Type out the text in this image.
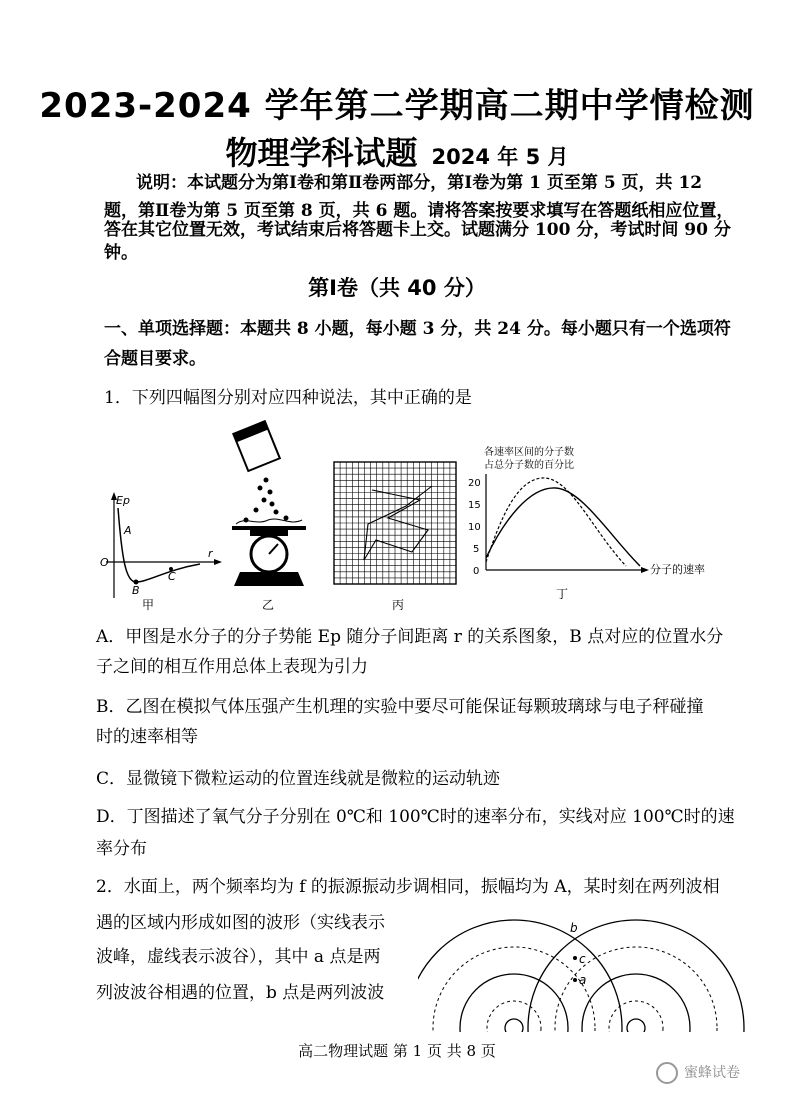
2023-2024 学年第二学期高二期中学情检测
物理学科试题 2024 年 5 月
说明：本试题分为第Ⅰ卷和第Ⅱ卷两部分，第Ⅰ卷为第 1 页至第 5 页，共 12
题，第Ⅱ卷为第 5 页至第 8 页，共 6 题。请将答案按要求填写在答题纸相应位置，
答在其它位置无效，考试结束后将答题卡上交。试题满分 100 分，考试时间 90 分
钟。
第Ⅰ卷（共 40 分）
一、单项选择题：本题共 8 小题，每小题 3 分，共 24 分。每小题只有一个选项符
合题目要求。
1．下列四幅图分别对应四种说法，其中正确的是
Ep
r
O
A
B
C
甲	乙	丙
各速率区间的分子数
占总分子数的百分比
20
15
10
5
0	分子的速率
丁
A．甲图是水分子的分子势能 Ep 随分子间距离 r 的关系图象，B 点对应的位置水分
子之间的相互作用总体上表现为引力
B．乙图在模拟气体压强产生机理的实验中要尽可能保证每颗玻璃球与电子秤碰撞
时的速率相等
C．显微镜下微粒运动的位置连线就是微粒的运动轨迹
D．丁图描述了氧气分子分别在 0℃和 100℃时的速率分布，实线对应 100℃时的速
率分布
2．水面上，两个频率均为 f 的振源振动步调相同，振幅均为 A，某时刻在两列波相
遇的区域内形成如图的波形（实线表示
波峰，虚线表示波谷），其中 a 点是两
列波波谷相遇的位置，b 点是两列波波
b
c
a
高二物理试题 第 1 页 共 8 页
蜜蜂试卷
